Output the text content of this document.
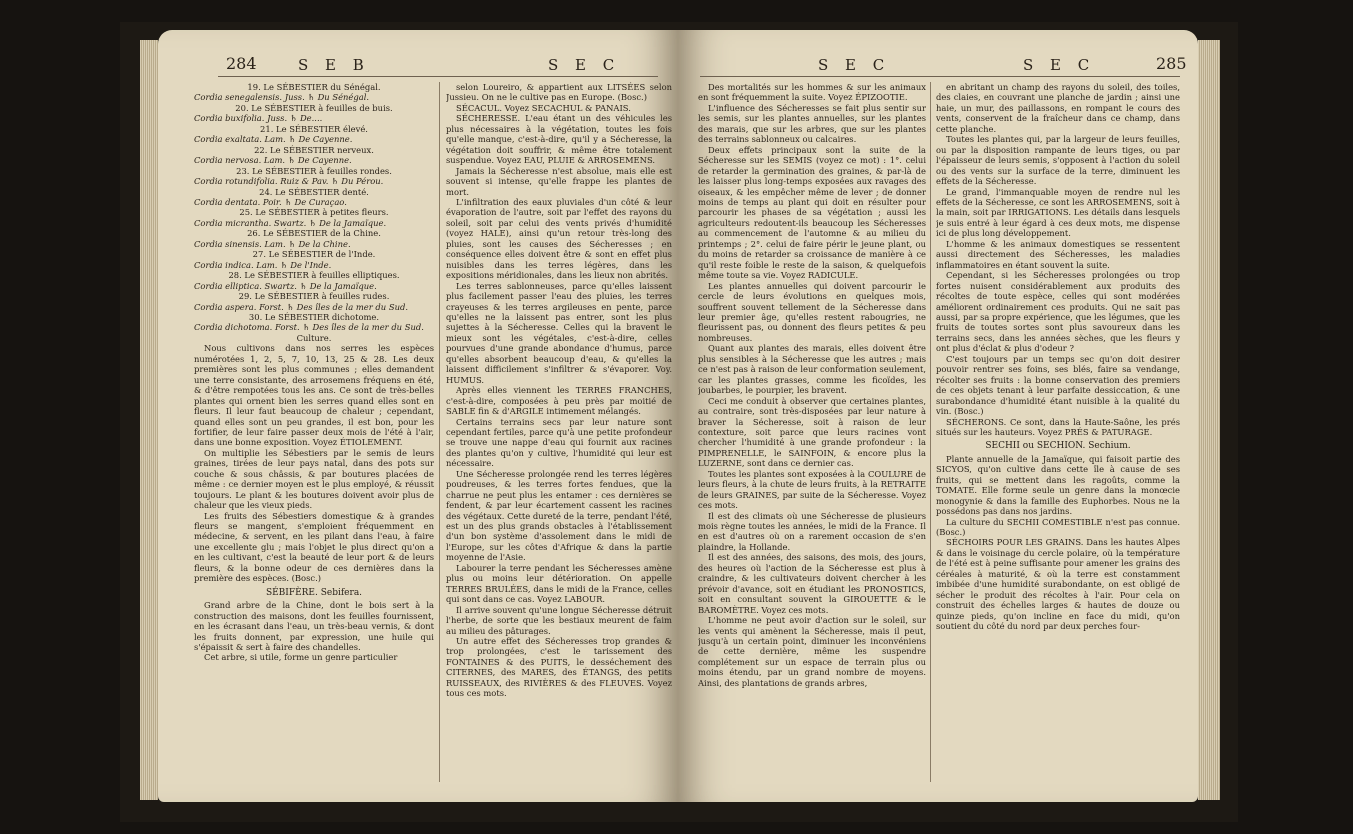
284	S E B	S E C

19. Le SÉBESTIER du Sénégal.

Cordia senegalensis. Juss. ♄ Du Sénégal.

20. Le SÉBESTIER à feuilles de buis.

Cordia buxifolia. Juss. ♄ De....

21. Le SÉBESTIER élevé.

Cordia exaltata. Lam. ♄ De Cayenne.

22. Le SÉBESTIER nerveux.

Cordia nervosa. Lam. ♄ De Cayenne.

23. Le SÉBESTIER à feuilles rondes.

Cordia rotundifolia. Ruiz & Pav. ♄ Du Pérou.

24. Le SÉBESTIER denté.

Cordia dentata. Poir. ♄ De Curaçao.

25. Le SÉBESTIER à petites fleurs.

Cordia micrantha. Swartz. ♄ De la Jamaïque.

26. Le SÉBESTIER de la Chine.

Cordia sinensis. Lam. ♄ De la Chine.

27. Le SÉBESTIER de l'Inde.

Cordia indica. Lam. ♄ De l'Inde.

28. Le SÉBESTIER à feuilles elliptiques.

Cordia elliptica. Swartz. ♄ De la Jamaïque.

29. Le SÉBESTIER à feuilles rudes.

Cordia aspera. Forst. ♄ Des îles de la mer du Sud.

30. Le SÉBESTIER dichotome.

Cordia dichotoma. Forst. ♄ Des îles de la mer du Sud.

Culture.

Nous cultivons dans nos serres les espèces numérotées 1, 2, 5, 7, 10, 13, 25 & 28. Les deux premières sont les plus communes ; elles demandent une terre consistante, des arrosemens fréquens en été, & d'être rempotées tous les ans. Ce sont de très-belles plantes qui ornent bien les serres quand elles sont en fleurs. Il leur faut beaucoup de chaleur ; cependant, quand elles sont un peu grandes, il est bon, pour les fortifier, de leur faire passer deux mois de l'été à l'air, dans une bonne exposition. Voyez ÉTIOLEMENT.

On multiplie les Sébestiers par le semis de leurs graines, tirées de leur pays natal, dans des pots sur couche & sous châssis, & par boutures placées de même : ce dernier moyen est le plus employé, & réussit toujours. Le plant & les boutures doivent avoir plus de chaleur que les vieux pieds.

Les fruits des Sébestiers domestique & à grandes fleurs se mangent, s'emploient fréquemment en médecine, & servent, en les pilant dans l'eau, à faire une excellente glu ; mais l'objet le plus direct qu'on a en les cultivant, c'est la beauté de leur port & de leurs fleurs, & la bonne odeur de ces dernières dans la première des espèces. (Bosc.)

SÉBIFÈRE. Sebifera.

Grand arbre de la Chine, dont le bois sert à la construction des maisons, dont les feuilles fournissent, en les écrasant dans l'eau, un très-beau vernis, & dont les fruits donnent, par expression, une huile qui s'épaissit & sert à faire des chandelles.

Cet arbre, si utile, forme un genre particulier

selon Loureiro, & appartient aux LITSÉES selon Jussieu. On ne le cultive pas en Europe. (Bosc.)

SÉCACUL. Voyez SECACHUL & PANAIS.

SÉCHERESSE. L'eau étant un des véhicules les plus nécessaires à la végétation, toutes les fois qu'elle manque, c'est-à-dire, qu'il y a Sécheresse, la végétation doit souffrir, & même être totalement suspendue. Voyez EAU, PLUIE & ARROSEMENS.

Jamais la Sécheresse n'est absolue, mais elle est souvent si intense, qu'elle frappe les plantes de mort.

L'infiltration des eaux pluviales d'un côté & leur évaporation de l'autre, soit par l'effet des rayons du soleil, soit par celui des vents privés d'humidité (voyez HALE), ainsi qu'un retour très-long des pluies, sont les causes des Sécheresses ; en conséquence elles doivent être & sont en effet plus nuisibles dans les terres légères, dans les expositions méridionales, dans les lieux non abrités.

Les terres sablonneuses, parce qu'elles laissent plus facilement passer l'eau des pluies, les terres crayeuses & les terres argileuses en pente, parce qu'elles ne la laissent pas entrer, sont les plus sujettes à la Sécheresse. Celles qui la bravent le mieux sont les végétales, c'est-à-dire, celles pourvues d'une grande abondance d'humus, parce qu'elles absorbent beaucoup d'eau, & qu'elles la laissent difficilement s'infiltrer & s'évaporer. Voy. HUMUS.

Après elles viennent les TERRES FRANCHES, c'est-à-dire, composées à peu près par moitié de SABLE fin & d'ARGILE intimement mélangés.

Certains terrains secs par leur nature sont cependant fertiles, parce qu'à une petite profondeur se trouve une nappe d'eau qui fournit aux racines des plantes qu'on y cultive, l'humidité qui leur est nécessaire.

Une Sécheresse prolongée rend les terres légères poudreuses, & les terres fortes fendues, que la charrue ne peut plus les entamer : ces dernières se fendent, & par leur écartement cassent les racines des végétaux. Cette dureté de la terre, pendant l'été, est un des plus grands obstacles à l'établissement d'un bon système d'assolement dans le midi de l'Europe, sur les côtes d'Afrique & dans la partie moyenne de l'Asie.

Labourer la terre pendant les Sécheresses amène plus ou moins leur détérioration. On appelle TERRES BRULÉES, dans le midi de la France, celles qui sont dans ce cas. Voyez LABOUR.

Il arrive souvent qu'une longue Sécheresse détruit l'herbe, de sorte que les bestiaux meurent de faim au milieu des pâturages.

Un autre effet des Sécheresses trop grandes & trop prolongées, c'est le tarissement des FONTAINES & des PUITS, le desséchement des CITERNES, des MARES, des ÉTANGS, des petits RUISSEAUX, des RIVIÈRES & des FLEUVES. Voyez tous ces mots.

S E C	S E C	285

Des mortalités sur les hommes & sur les animaux en sont fréquemment la suite. Voyez ÉPIZOOTIE.

L'influence des Sécheresses se fait plus sentir sur les semis, sur les plantes annuelles, sur les plantes des marais, que sur les arbres, que sur les plantes des terrains sablonneux ou calcaires.

Deux effets principaux sont la suite de la Sécheresse sur les SEMIS (voyez ce mot) : 1°. celui de retarder la germination des graines, & par-là de les laisser plus long-temps exposées aux ravages des oiseaux, & les empêcher même de lever ; de donner moins de temps au plant qui doit en résulter pour parcourir les phases de sa végétation ; aussi les agriculteurs redoutent-ils beaucoup les Sécheresses au commencement de l'automne & au milieu du printemps ; 2°. celui de faire périr le jeune plant, ou du moins de retarder sa croissance de manière à ce qu'il reste foible le reste de la saison, & quelquefois même toute sa vie. Voyez RADICULE.

Les plantes annuelles qui doivent parcourir le cercle de leurs évolutions en quelques mois, souffrent souvent tellement de la Sécheresse dans leur premier âge, qu'elles restent rabougries, ne fleurissent pas, ou donnent des fleurs petites & peu nombreuses.

Quant aux plantes des marais, elles doivent être plus sensibles à la Sécheresse que les autres ; mais ce n'est pas à raison de leur conformation seulement, car les plantes grasses, comme les ficoïdes, les joubarbes, le pourpier, les bravent.

Ceci me conduit à observer que certaines plantes, au contraire, sont très-disposées par leur nature à braver la Sécheresse, soit à raison de leur contexture, soit parce que leurs racines vont chercher l'humidité à une grande profondeur : la PIMPRENELLE, le SAINFOIN, & encore plus la LUZERNE, sont dans ce dernier cas.

Toutes les plantes sont exposées à la COULURE de leurs fleurs, à la chute de leurs fruits, à la RETRAITE de leurs GRAINES, par suite de la Sécheresse. Voyez ces mots.

Il est des climats où une Sécheresse de plusieurs mois règne toutes les années, le midi de la France. Il en est d'autres où on a rarement occasion de s'en plaindre, la Hollande.

Il est des années, des saisons, des mois, des jours, des heures où l'action de la Sécheresse est plus à craindre, & les cultivateurs doivent chercher à les prévoir d'avance, soit en étudiant les PRONOSTICS, soit en consultant souvent la GIROUETTE & le BAROMÈTRE. Voyez ces mots.

L'homme ne peut avoir d'action sur le soleil, sur les vents qui amènent la Sécheresse, mais il peut, jusqu'à un certain point, diminuer les inconvéniens de cette dernière, même les suspendre complétement sur un espace de terrain plus ou moins étendu, par un grand nombre de moyens. Ainsi, des plantations de grands arbres,

en abritant un champ des rayons du soleil, des toiles, des claies, en couvrant une planche de jardin ; ainsi une haie, un mur, des paillassons, en rompant le cours des vents, conservent de la fraîcheur dans ce champ, dans cette planche.

Toutes les plantes qui, par la largeur de leurs feuilles, ou par la disposition rampante de leurs tiges, ou par l'épaisseur de leurs semis, s'opposent à l'action du soleil ou des vents sur la surface de la terre, diminuent les effets de la Sécheresse.

Le grand, l'immanquable moyen de rendre nul les effets de la Sécheresse, ce sont les ARROSEMENS, soit à la main, soit par IRRIGATIONS. Les détails dans lesquels je suis entré à leur égard à ces deux mots, me dispense ici de plus long développement.

L'homme & les animaux domestiques se ressentent aussi directement des Sécheresses, les maladies inflammatoires en étant souvent la suite.

Cependant, si les Sécheresses prolongées ou trop fortes nuisent considérablement aux produits des récoltes de toute espèce, celles qui sont modérées améliorent ordinairement ces produits. Qui ne sait pas aussi, par sa propre expérience, que les légumes, que les fruits de toutes sortes sont plus savoureux dans les terrains secs, dans les années sèches, que les fleurs y ont plus d'éclat & plus d'odeur ?

C'est toujours par un temps sec qu'on doit desirer pouvoir rentrer ses foins, ses blés, faire sa vendange, récolter ses fruits : la bonne conservation des premiers de ces objets tenant à leur parfaite dessiccation, & une surabondance d'humidité étant nuisible à la qualité du vin. (Bosc.)

SÉCHERONS. Ce sont, dans la Haute-Saône, les prés situés sur les hauteurs. Voyez PRÉS & PATURAGE.

SECHII ou SECHION. Sechium.

Plante annuelle de la Jamaïque, qui faisoit partie des SICYOS, qu'on cultive dans cette île à cause de ses fruits, qui se mettent dans les ragoûts, comme la TOMATE. Elle forme seule un genre dans la monœcie monogynie & dans la famille des Euphorbes. Nous ne la possédons pas dans nos jardins.

La culture du SECHII COMESTIBLE n'est pas connue. (Bosc.)

SÉCHOIRS POUR LES GRAINS. Dans les hautes Alpes & dans le voisinage du cercle polaire, où la température de l'été est à peine suffisante pour amener les grains des céréales à maturité, & où la terre est constamment imbibée d'une humidité surabondante, on est obligé de sécher le produit des récoltes à l'air. Pour cela on construit des échelles larges & hautes de douze ou quinze pieds, qu'on incline en face du midi, qu'on soutient du côté du nord par deux perches four-
